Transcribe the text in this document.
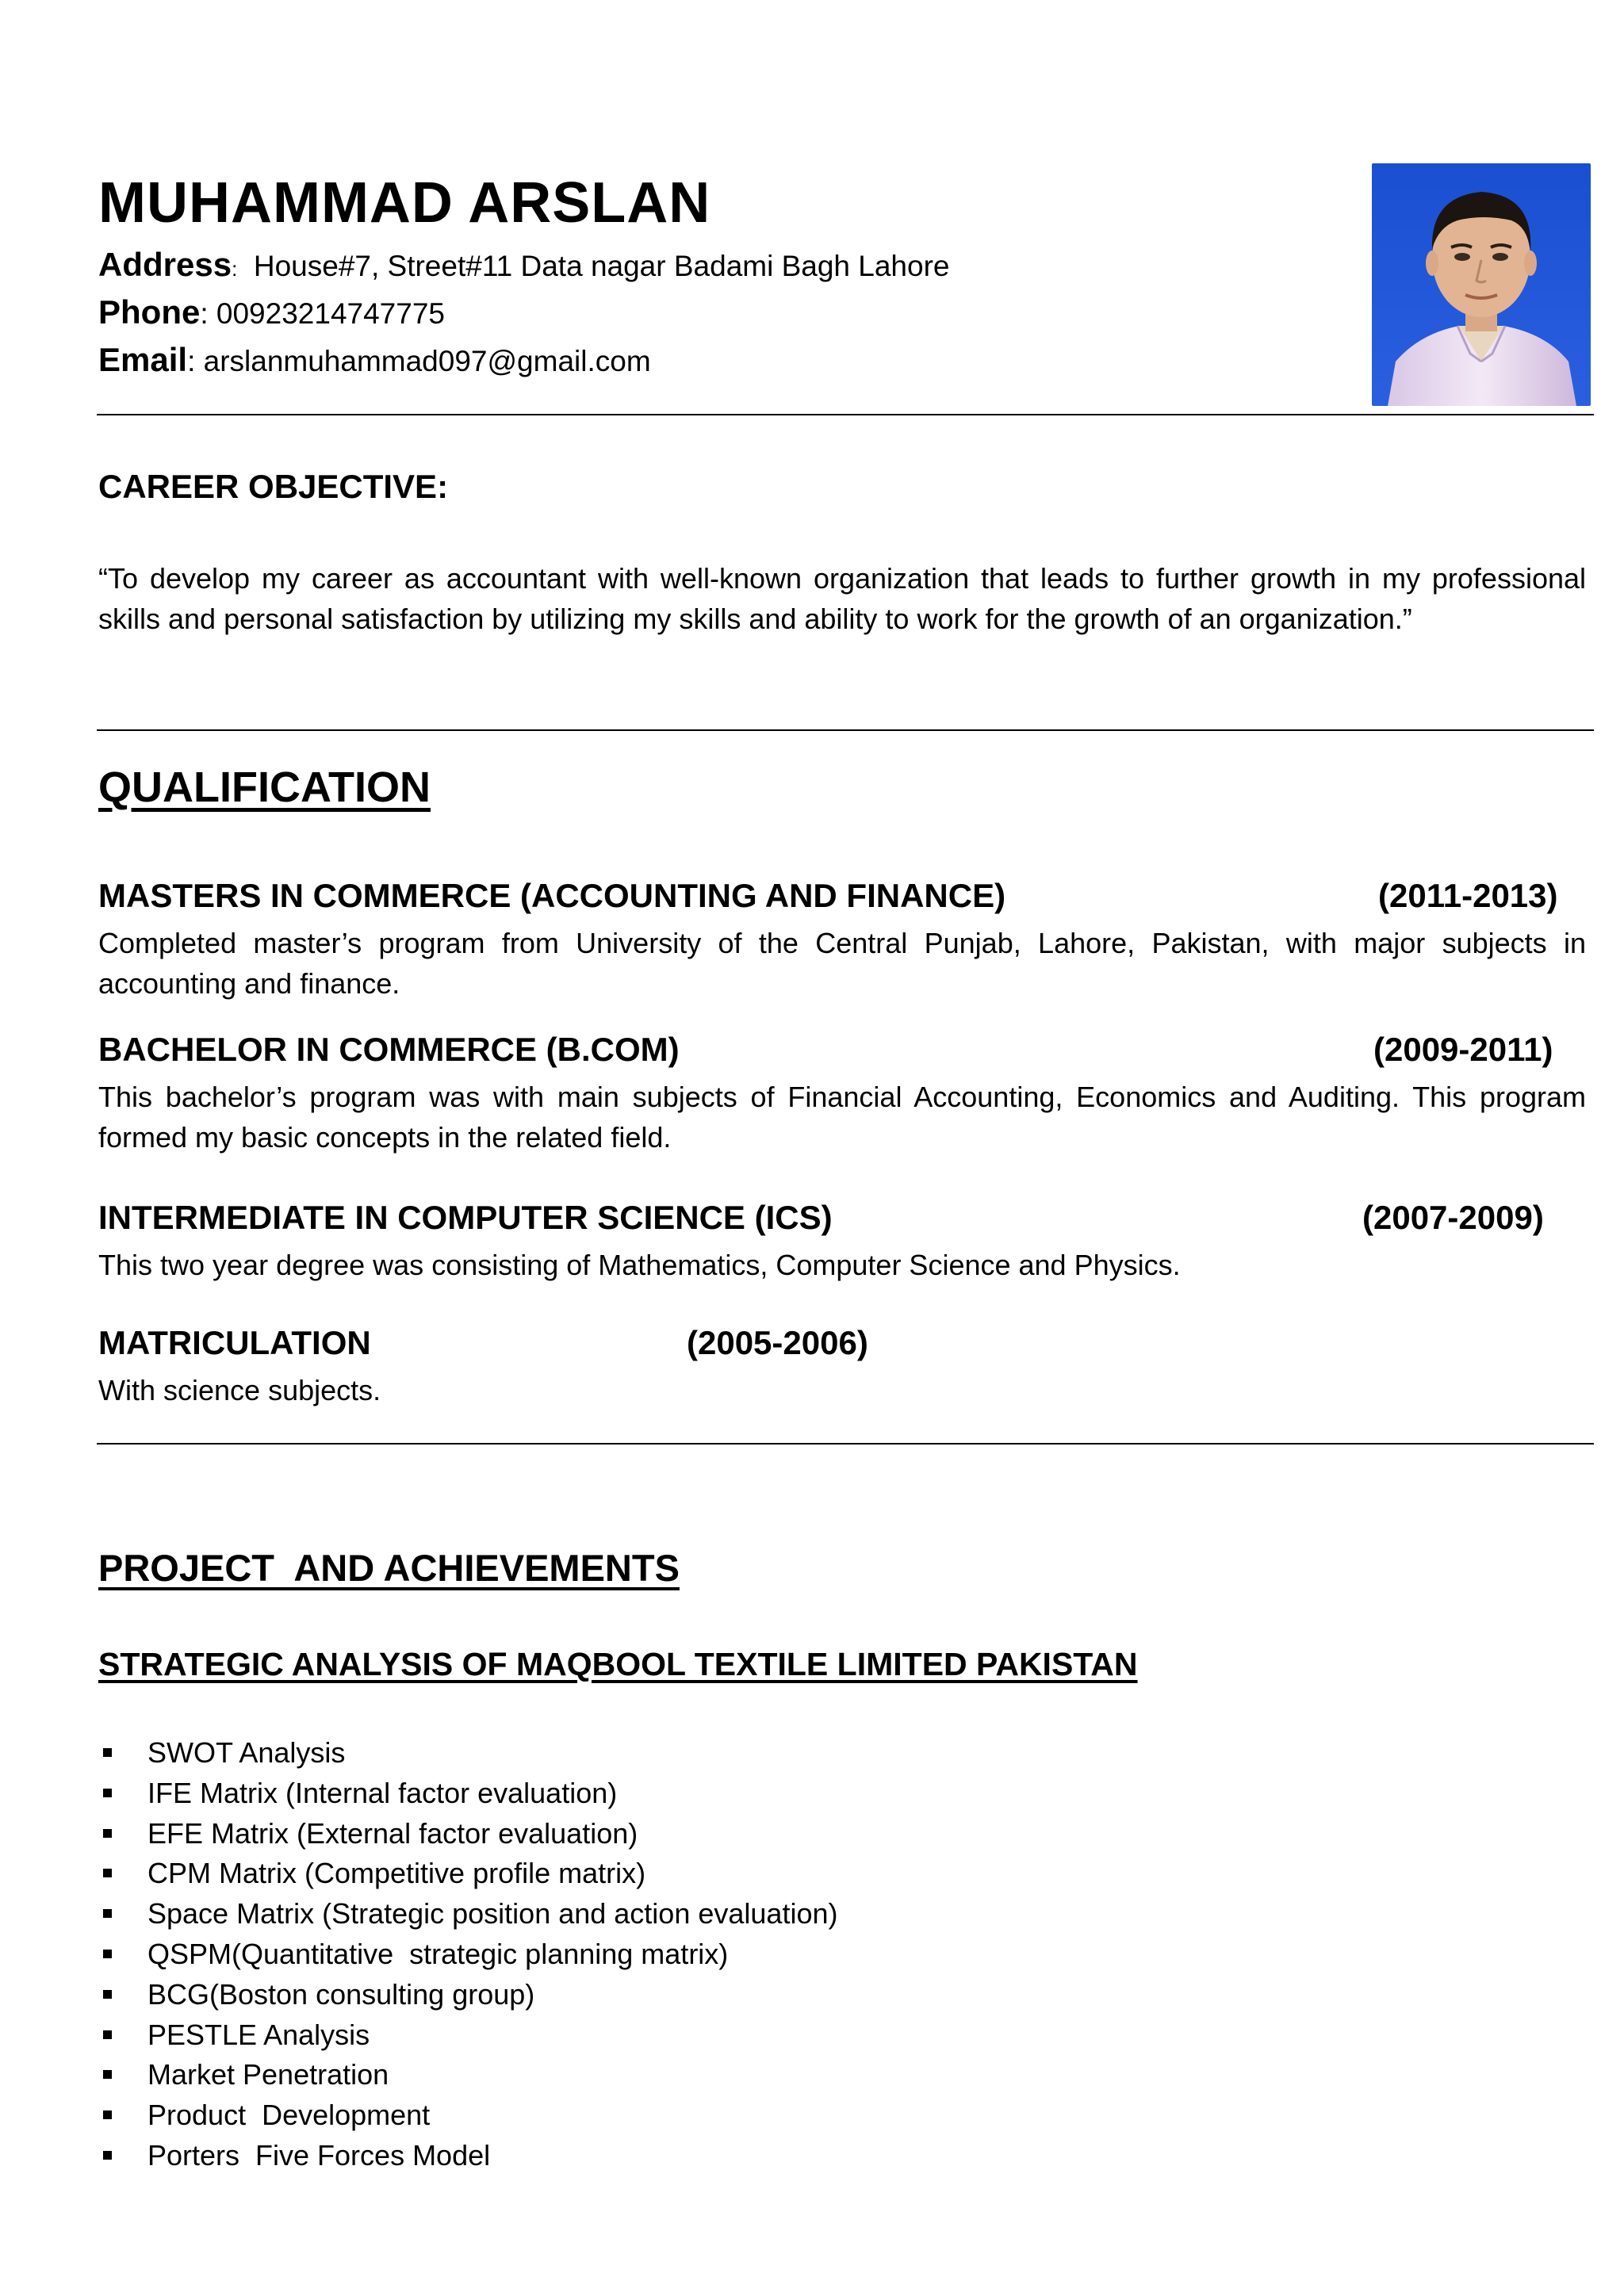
MUHAMMAD ARSLAN
Address: House#7, Street#11 Data nagar Badami Bagh Lahore
Phone: 00923214747775
Email: arslanmuhammad097@gmail.com
CAREER OBJECTIVE:
“To develop my career as accountant with well-known organization that leads to further growth in my professional skills and personal satisfaction by utilizing my skills and ability to work for the growth of an organization.”
QUALIFICATION
MASTERS IN COMMERCE (ACCOUNTING AND FINANCE)	(2011-2013)
Completed master’s program from University of the Central Punjab, Lahore, Pakistan, with major subjects in accounting and finance.
BACHELOR IN COMMERCE (B.COM)	(2009-2011)
This bachelor’s program was with main subjects of Financial Accounting, Economics and Auditing. This program formed my basic concepts in the related field.
INTERMEDIATE IN COMPUTER SCIENCE (ICS)	(2007-2009)
This two year degree was consisting of Mathematics, Computer Science and Physics.
MATRICULATION	(2005-2006)
With science subjects.
PROJECT  AND ACHIEVEMENTS
STRATEGIC ANALYSIS OF MAQBOOL TEXTILE LIMITED PAKISTAN
SWOT Analysis
IFE Matrix (Internal factor evaluation)
EFE Matrix (External factor evaluation)
CPM Matrix (Competitive profile matrix)
Space Matrix (Strategic position and action evaluation)
QSPM(Quantitative  strategic planning matrix)
BCG(Boston consulting group)
PESTLE Analysis
Market Penetration
Product  Development
Porters  Five Forces Model
